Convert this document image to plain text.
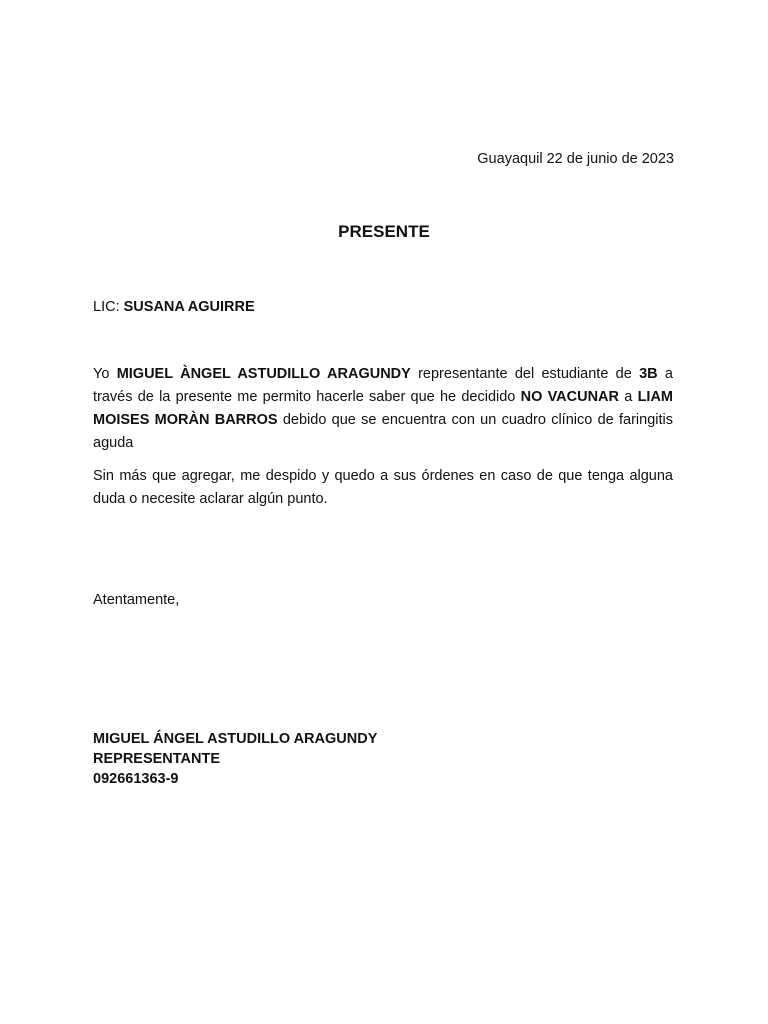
Guayaquil 22 de junio de 2023
PRESENTE
LIC: SUSANA AGUIRRE
Yo MIGUEL ÀNGEL ASTUDILLO ARAGUNDY representante del estudiante de 3B a través de la presente me permito hacerle saber que he decidido NO VACUNAR a LIAM MOISES MORÀN BARROS debido que se encuentra con un cuadro clínico de faringitis aguda
Sin más que agregar, me despido y quedo a sus órdenes en caso de que tenga alguna duda o necesite aclarar algún punto.
Atentamente,
MIGUEL ÁNGEL ASTUDILLO ARAGUNDY
REPRESENTANTE
092661363-9
